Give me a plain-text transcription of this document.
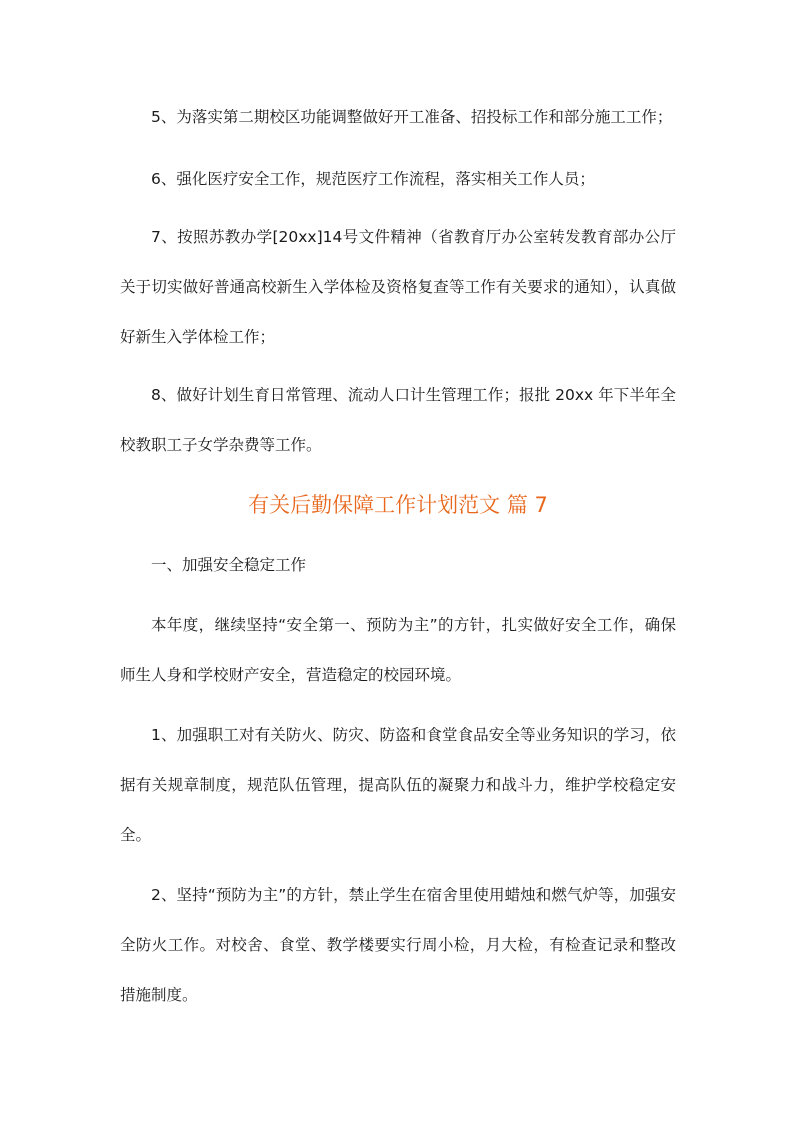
5、为落实第二期校区功能调整做好开工准备、招投标工作和部分施工工作；

6、强化医疗安全工作，规范医疗工作流程，落实相关工作人员；

7、按照苏教办学[20xx]14号文件精神（省教育厅办公室转发教育部办公厅关于切实做好普通高校新生入学体检及资格复查等工作有关要求的通知），认真做好新生入学体检工作；

8、做好计划生育日常管理、流动人口计生管理工作；报批 20xx 年下半年全校教职工子女学杂费等工作。

有关后勤保障工作计划范文 篇 7

一、加强安全稳定工作

本年度，继续坚持“安全第一、预防为主”的方针，扎实做好安全工作，确保师生人身和学校财产安全，营造稳定的校园环境。

1、加强职工对有关防火、防灾、防盗和食堂食品安全等业务知识的学习，依据有关规章制度，规范队伍管理，提高队伍的凝聚力和战斗力，维护学校稳定安全。

2、坚持“预防为主”的方针，禁止学生在宿舍里使用蜡烛和燃气炉等，加强安全防火工作。对校舍、食堂、教学楼要实行周小检，月大检，有检查记录和整改措施制度。
